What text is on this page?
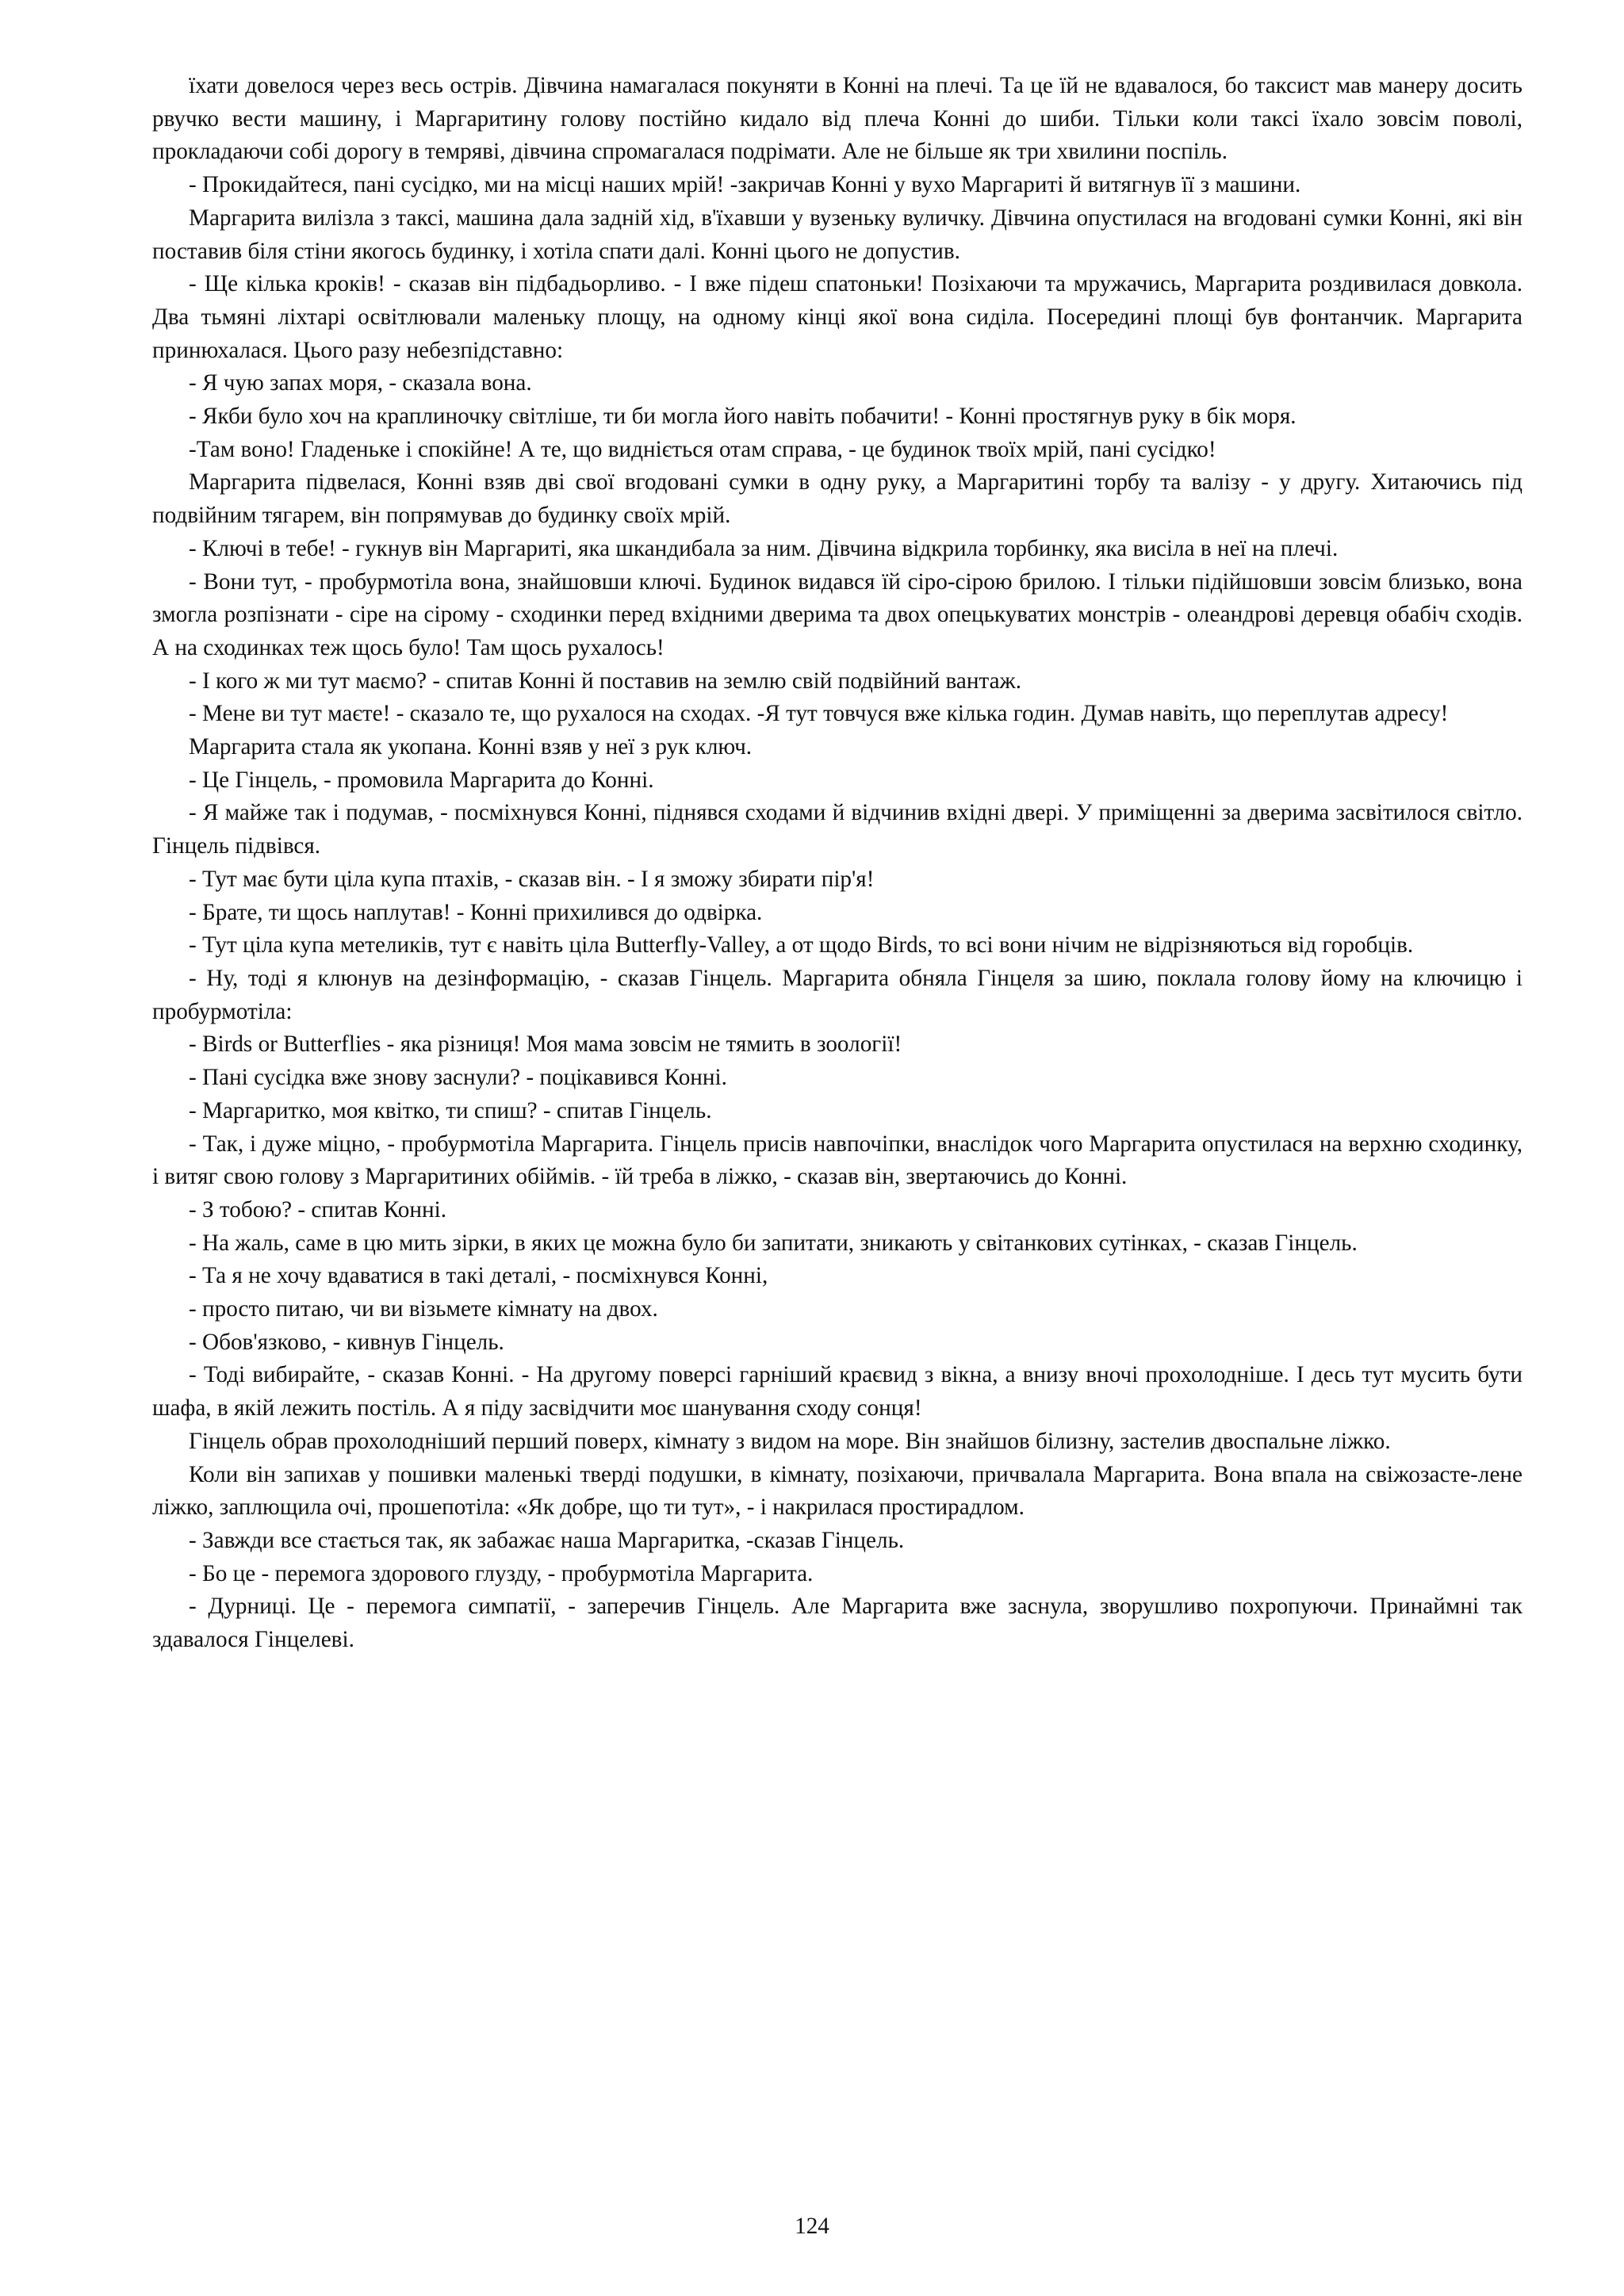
їхати довелося через весь острів. Дівчина намагалася покуняти в Конні на плечі. Та це їй не вдавалося, бо таксист мав манеру досить рвучко вести машину, і Маргаритину голову постійно кидало від плеча Конні до шиби. Тільки коли таксі їхало зовсім поволі, прокладаючи собі дорогу в темряві, дівчина спромагалася подрімати. Але не більше як три хвилини поспіль.

- Прокидайтеся, пані сусідко, ми на місці наших мрій! -закричав Конні у вухо Маргариті й витягнув її з машини.

Маргарита вилізла з таксі, машина дала задній хід, в'їхавши у вузеньку вуличку. Дівчина опустилася на вгодовані сумки Конні, які він поставив біля стіни якогось будинку, і хотіла спати далі. Конні цього не допустив.

- Ще кілька кроків! - сказав він підбадьорливо. - І вже підеш спатоньки! Позіхаючи та мружачись, Маргарита роздивилася довкола. Два тьмяні ліхтарі освітлювали маленьку площу, на одному кінці якої вона сиділа. Посередині площі був фонтанчик. Маргарита принюхалася. Цього разу небезпідставно:

- Я чую запах моря, - сказала вона.

- Якби було хоч на краплиночку світліше, ти би могла його навіть побачити! - Конні простягнув руку в бік моря.

-Там воно! Гладеньке і спокійне! А те, що видніється отам справа, - це будинок твоїх мрій, пані сусідко!

Маргарита підвелася, Конні взяв дві свої вгодовані сумки в одну руку, а Маргаритині торбу та валізу - у другу. Хитаючись під подвійним тягарем, він попрямував до будинку своїх мрій.

- Ключі в тебе! - гукнув він Маргариті, яка шкандибала за ним. Дівчина відкрила торбинку, яка висіла в неї на плечі.

- Вони тут, - пробурмотіла вона, знайшовши ключі. Будинок видався їй сіро-сірою брилою. І тільки підійшовши зовсім близько, вона змогла розпізнати - сіре на сірому - сходинки перед вхідними дверима та двох опецькуватих монстрів - олеандрові деревця обабіч сходів. А на сходинках теж щось було! Там щось рухалось!

- І кого ж ми тут маємо? - спитав Конні й поставив на землю свій подвійний вантаж.

- Мене ви тут маєте! - сказало те, що рухалося на сходах. -Я тут товчуся вже кілька годин. Думав навіть, що переплутав адресу!

Маргарита стала як укопана. Конні взяв у неї з рук ключ.

- Це Гінцель, - промовила Маргарита до Конні.

- Я майже так і подумав, - посміхнувся Конні, піднявся сходами й відчинив вхідні двері. У приміщенні за дверима засвітилося світло. Гінцель підвівся.

- Тут має бути ціла купа птахів, - сказав він. - І я зможу збирати пір'я!

- Брате, ти щось наплутав! - Конні прихилився до одвірка.

- Тут ціла купа метеликів, тут є навіть ціла Butterfly-Valley, а от щодо Birds, то всі вони нічим не відрізняються від горобців.

- Ну, тоді я клюнув на дезінформацію, - сказав Гінцель. Маргарита обняла Гінцеля за шию, поклала голову йому на ключицю і пробурмотіла:

- Birds or Butterflies - яка різниця! Моя мама зовсім не тямить в зоології!

- Пані сусідка вже знову заснули? - поцікавився Конні.

- Маргаритко, моя квітко, ти спиш? - спитав Гінцель.

- Так, і дуже міцно, - пробурмотіла Маргарита. Гінцель присів навпочіпки, внаслідок чого Маргарита опустилася на верхню сходинку, і витяг свою голову з Маргаритиних обіймів. - їй треба в ліжко, - сказав він, звертаючись до Конні.

- З тобою? - спитав Конні.

- На жаль, саме в цю мить зірки, в яких це можна було би запитати, зникають у світанкових сутінках, - сказав Гінцель.

- Та я не хочу вдаватися в такі деталі, - посміхнувся Конні,

- просто питаю, чи ви візьмете кімнату на двох.

- Обов'язково, - кивнув Гінцель.

- Тоді вибирайте, - сказав Конні. - На другому поверсі гарніший краєвид з вікна, а внизу вночі прохолодніше. І десь тут мусить бути шафа, в якій лежить постіль. А я піду засвідчити моє шанування сходу сонця!

Гінцель обрав прохолодніший перший поверх, кімнату з видом на море. Він знайшов білизну, застелив двоспальне ліжко.

Коли він запихав у пошивки маленькі тверді подушки, в кімнату, позіхаючи, причвалала Маргарита. Вона впала на свіжозасте-лене ліжко, заплющила очі, прошепотіла: «Як добре, що ти тут», - і накрилася простирадлом.

- Завжди все стається так, як забажає наша Маргаритка, -сказав Гінцель.

- Бо це - перемога здорового глузду, - пробурмотіла Маргарита.

- Дурниці. Це - перемога симпатії, - заперечив Гінцель. Але Маргарита вже заснула, зворушливо похропуючи. Принаймні так здавалося Гінцелеві.

124
